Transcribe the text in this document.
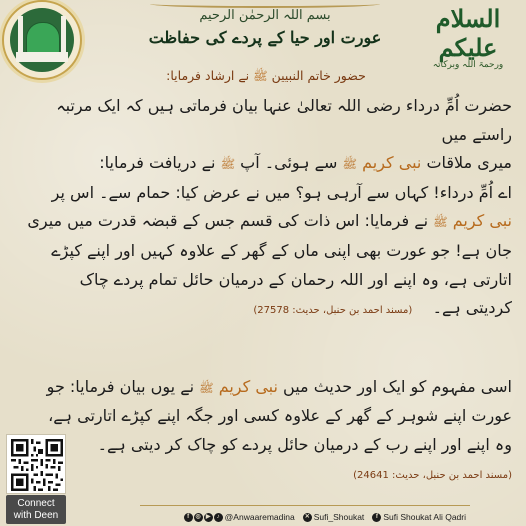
بسم اللہ الرحمٰن الرحیم
عورت اور حیا کے پردے کی حفاظت
السلام
علیکم
ورحمۃ اللہ وبرکاتہ
حضور خاتم النبیین ﷺ نے ارشاد فرمایا:

حضرت اُمِّ درداء رضی اللہ تعالیٰ عنہا بیان فرماتی ہیں کہ ایک مرتبہ راستے میں

میری ملاقات نبی کریم ﷺ سے ہوئی۔ آپ ﷺ نے دریافت فرمایا:

اے اُمِّ درداء! کہاں سے آرہی ہو؟ میں نے عرض کیا: حمام سے۔ اس پر

نبی کریم ﷺ نے فرمایا: اس ذات کی قسم جس کے قبضہ قدرت میں میری

جان ہے! جو عورت بھی اپنی ماں کے گھر کے علاوہ کہیں اور اپنے کپڑے

اتارتی ہے، وہ اپنے اور اللہ رحمان کے درمیان حائل تمام پردے چاک

کردیتی ہے۔    (مسند احمد بن حنبل، حدیث: 27578)

اسی مفہوم کو ایک اور حدیث میں نبی کریم ﷺ نے یوں بیان فرمایا: جو

عورت اپنے شوہر کے گھر کے علاوہ کسی اور جگہ اپنے کپڑے اتارتی ہے،

وہ اپنے اور اپنے رب کے درمیان حائل پردے کو چاک کر دیتی ہے۔

(مسند احمد بن حنبل، حدیث: 24641)

Connect
with Deen	f	◎ ▶	♪ @Anwaaremadina	✕ Sufi_Shoukat	f Sufi Shoukat Ali Qadri
